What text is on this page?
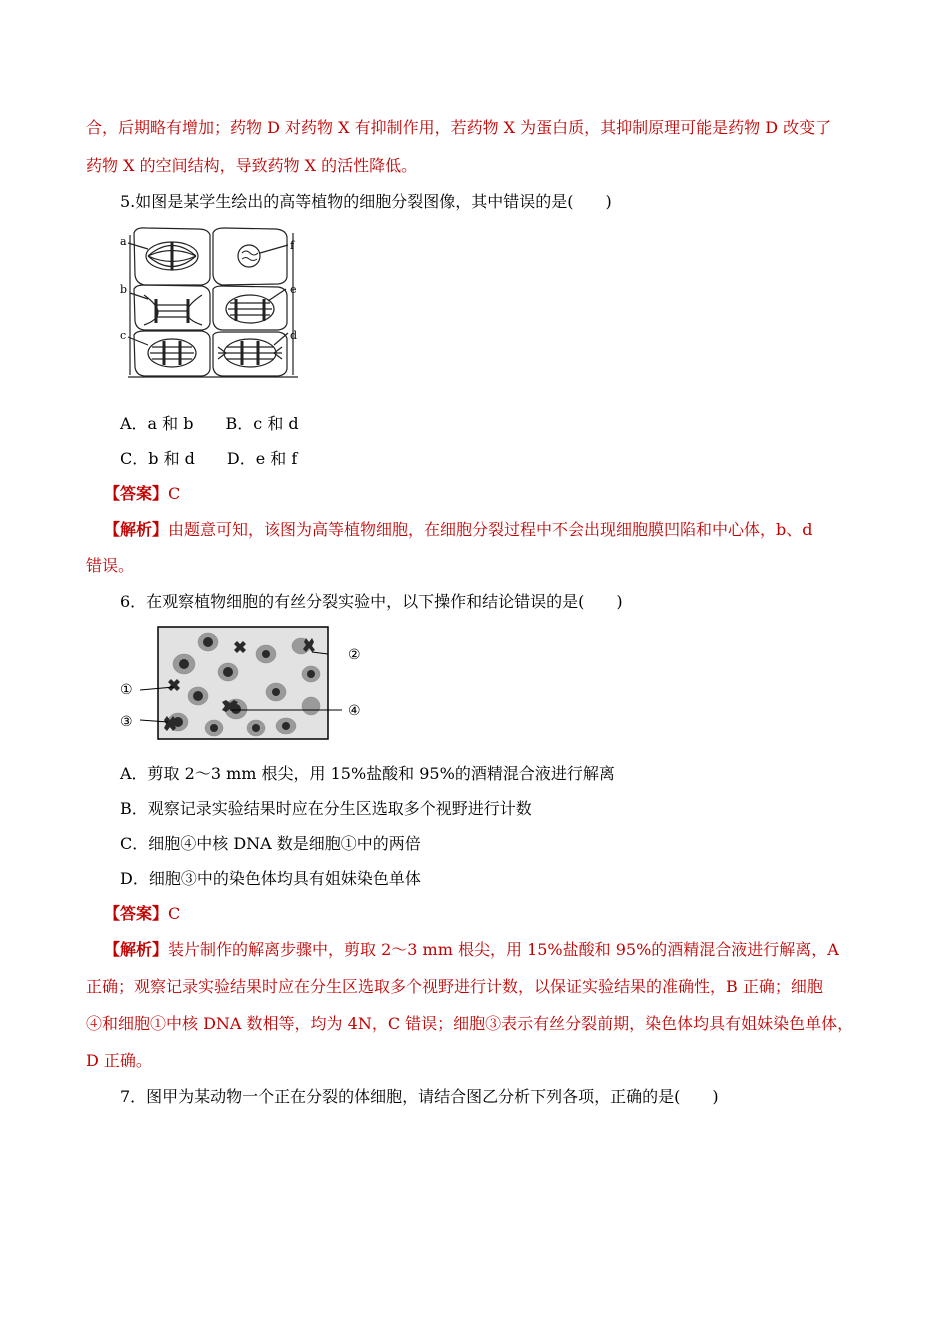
合，后期略有增加；药物 D 对药物 X 有抑制作用，若药物 X 为蛋白质，其抑制原理可能是药物 D 改变了
药物 X 的空间结构，导致药物 X 的活性降低。
5.如图是某学生绘出的高等植物的细胞分裂图像，其中错误的是(　　)
a
b
c	d
e
f
A．a 和 b　　B．c 和 d
C．b 和 d　　D．e 和 f
【答案】C
【解析】由题意可知，该图为高等植物细胞，在细胞分裂过程中不会出现细胞膜凹陷和中心体，b、d
错误。
6．在观察植物细胞的有丝分裂实验中，以下操作和结论错误的是(　　)
①
②
③
④
A．剪取 2～3 mm 根尖，用 15%盐酸和 95%的酒精混合液进行解离
B．观察记录实验结果时应在分生区选取多个视野进行计数
C．细胞④中核 DNA 数是细胞①中的两倍
D．细胞③中的染色体均具有姐妹染色单体
【答案】C
【解析】装片制作的解离步骤中，剪取 2～3 mm 根尖，用 15%盐酸和 95%的酒精混合液进行解离，A
正确；观察记录实验结果时应在分生区选取多个视野进行计数，以保证实验结果的准确性，B 正确；细胞
④和细胞①中核 DNA 数相等，均为 4N，C 错误；细胞③表示有丝分裂前期，染色体均具有姐妹染色单体，
D 正确。
7．图甲为某动物一个正在分裂的体细胞，请结合图乙分析下列各项，正确的是(　　)
